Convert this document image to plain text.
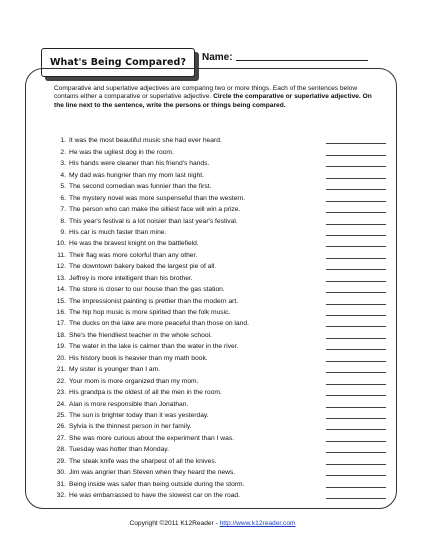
What's Being Compared? Name:
Comparative and superlative adjectives are comparing two or more things. Each of the sentences below contains either a comparative or superlative adjective. Circle the comparative or superlative adjective. On the line next to the sentence, write the persons or things being compared.
1. It was the most beautiful music she had ever heard.
2. He was the ugliest dog in the room.
3. His hands were cleaner than his friend's hands.
4. My dad was hungrier than my mom last night.
5. The second comedian was funnier than the first.
6. The mystery novel was more suspenseful than the western.
7. The person who can make the silliest face will win a prize.
8. This year's festival is a lot noisier than last year's festival.
9. His car is much faster than mine.
10. He was the bravest knight on the battlefield.
11. Their flag was more colorful than any other.
12. The downtown bakery baked the largest pie of all.
13. Jeffrey is more intelligent than his brother.
14. The store is closer to our house than the gas station.
15. The impressionist painting is prettier than the modern art.
16. The hip hop music is more spirited than the folk music.
17. The ducks on the lake are more peaceful than those on land.
18. She's the friendliest teacher in the whole school.
19. The water in the lake is calmer than the water in the river.
20. His history book is heavier than my math book.
21. My sister is younger than I am.
22. Your mom is more organized than my mom.
23. His grandpa is the oldest of all the men in the room.
24. Alan is more responsible than Jonathan.
25. The sun is brighter today than it was yesterday.
26. Sylvia is the thinnest person in her family.
27. She was more curious about the experiment than I was.
28. Tuesday was hotter than Monday.
29. The steak knife was the sharpest of all the knives.
30. Jim was angrier than Steven when they heard the news.
31. Being inside was safer than being outside during the storm.
32. He was embarrassed to have the slowest car on the road.
Copyright ©2011 K12Reader - http://www.k12reader.com
